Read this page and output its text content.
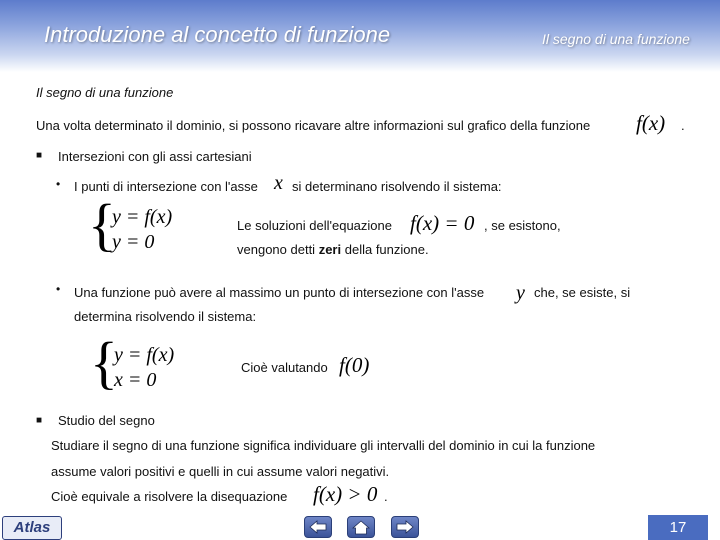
Introduzione al concetto di funzione	Il segno di una funzione
Il segno di una funzione
Una volta determinato il dominio, si possono ricavare altre informazioni sul grafico della funzione f(x) .
■ Intersezioni con gli assi cartesiani
• I punti di intersezione con l'asse x si determinano risolvendo il sistema:
{
y = f(x)
y = 0
Le soluzioni dell'equazione f(x) = 0 , se esistono,
vengono detti zeri della funzione.
• Una funzione può avere al massimo un punto di intersezione con l'asse y che, se esiste, si
determina risolvendo il sistema:
{
y = f(x)
x = 0
Cioè valutando f(0)
■ Studio del segno
Studiare il segno di una funzione significa individuare gli intervalli del dominio in cui la funzione
assume valori positivi e quelli in cui assume valori negativi.
Cioè equivale a risolvere la disequazione f(x) > 0 .
Atlas	17
